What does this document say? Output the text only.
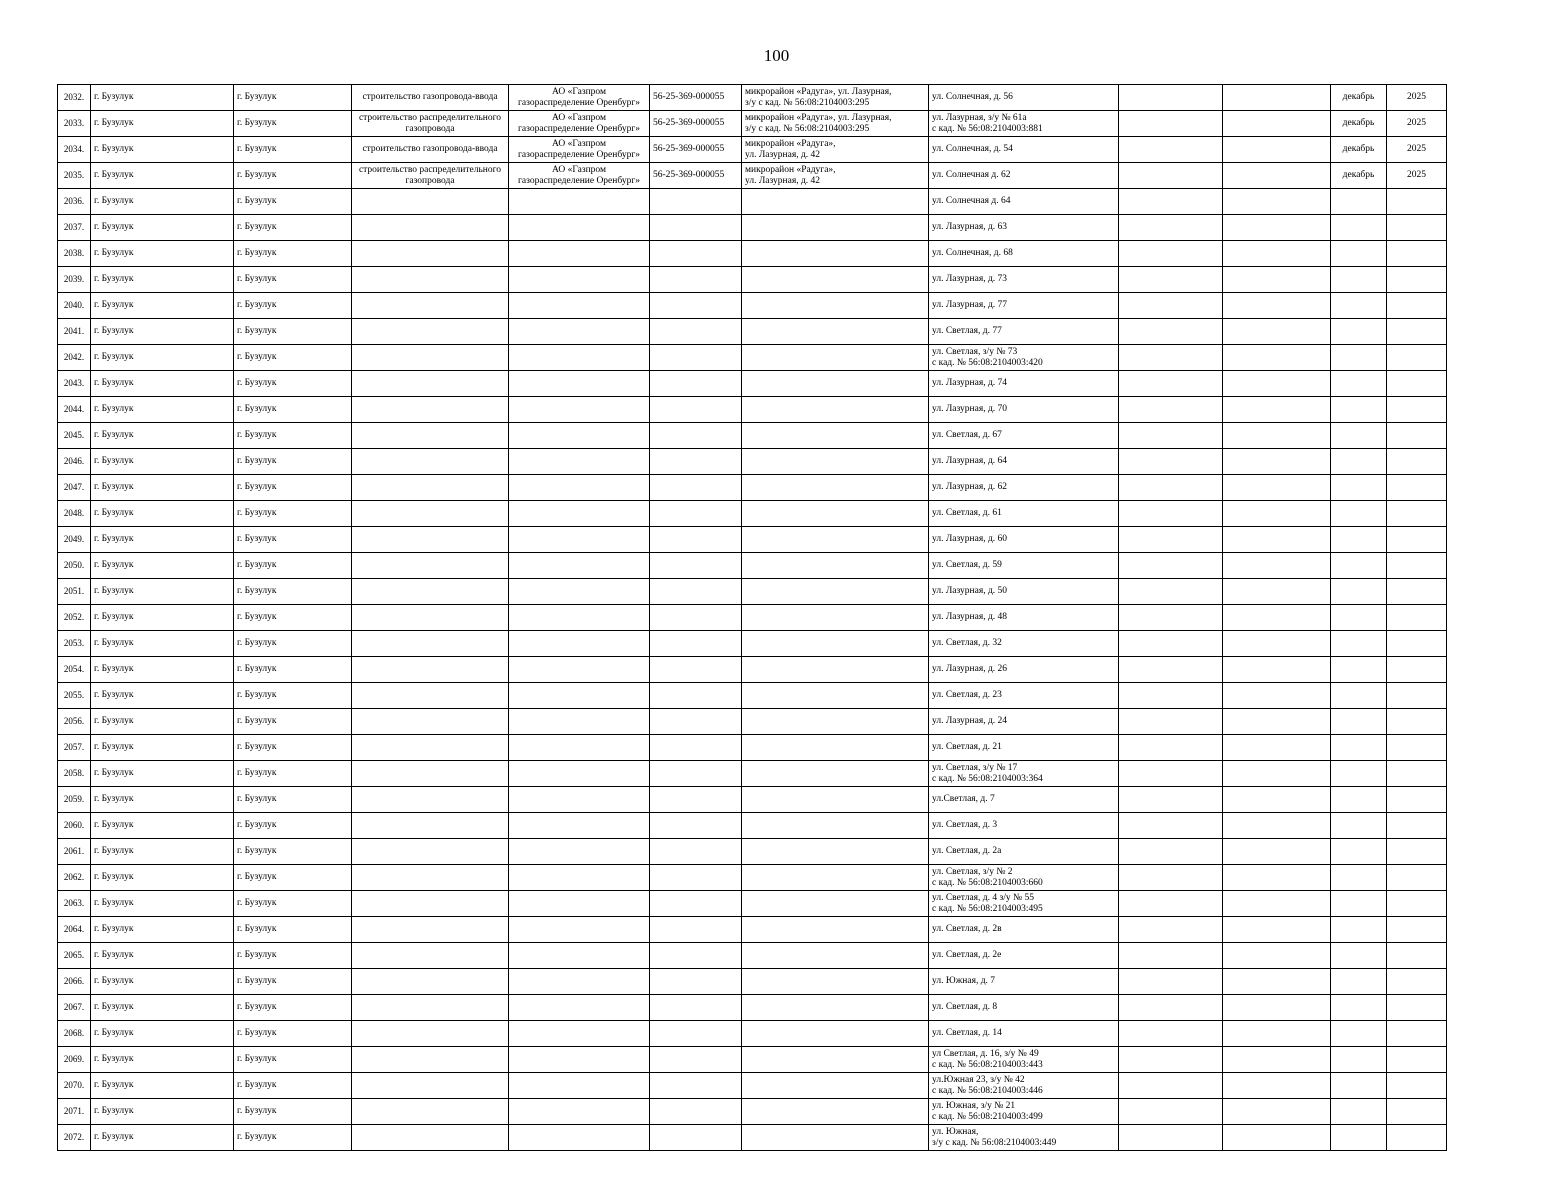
100
2032.	г. Бузулук	г. Бузулук	строительство газопровода-ввода	АО «Газпром
газораспределение Оренбург»	56-25-369-000055	микрорайон «Радуга», ул. Лазурная,
з/у с кад. № 56:08:2104003:295	ул. Солнечная, д. 56			декабрь	2025
2033.	г. Бузулук	г. Бузулук	строительство распределительного
газопровода	АО «Газпром
газораспределение Оренбург»	56-25-369-000055	микрорайон «Радуга», ул. Лазурная,
з/у с кад. № 56:08:2104003:295	ул. Лазурная, з/у № 61а
с кад. № 56:08:2104003:881			декабрь	2025
2034.	г. Бузулук	г. Бузулук	строительство газопровода-ввода	АО «Газпром
газораспределение Оренбург»	56-25-369-000055	микрорайон «Радуга»,
ул. Лазурная, д. 42	ул. Солнечная, д. 54			декабрь	2025
2035.	г. Бузулук	г. Бузулук	строительство распределительного
газопровода	АО «Газпром
газораспределение Оренбург»	56-25-369-000055	микрорайон «Радуга»,
ул. Лазурная, д. 42	ул. Солнечная д. 62			декабрь	2025
2036.	г. Бузулук	г. Бузулук					ул. Солнечная д. 64				

2037.	г. Бузулук	г. Бузулук					ул. Лазурная, д. 63				

2038.	г. Бузулук	г. Бузулук					ул. Солнечная, д. 68				

2039.	г. Бузулук	г. Бузулук					ул. Лазурная, д. 73				

2040.	г. Бузулук	г. Бузулук					ул. Лазурная, д. 77				

2041.	г. Бузулук	г. Бузулук					ул. Светлая, д. 77				

2042.	г. Бузулук	г. Бузулук					ул. Светлая, з/у № 73
с кад. № 56:08:2104003:420				

2043.	г. Бузулук	г. Бузулук					ул. Лазурная, д. 74				

2044.	г. Бузулук	г. Бузулук					ул. Лазурная, д. 70				

2045.	г. Бузулук	г. Бузулук					ул. Светлая, д. 67				

2046.	г. Бузулук	г. Бузулук					ул. Лазурная, д. 64				

2047.	г. Бузулук	г. Бузулук					ул. Лазурная, д. 62				

2048.	г. Бузулук	г. Бузулук					ул. Светлая, д. 61				

2049.	г. Бузулук	г. Бузулук					ул. Лазурная, д. 60				

2050.	г. Бузулук	г. Бузулук					ул. Светлая, д. 59				

2051.	г. Бузулук	г. Бузулук					ул. Лазурная, д. 50				

2052.	г. Бузулук	г. Бузулук					ул. Лазурная, д. 48				

2053.	г. Бузулук	г. Бузулук					ул. Светлая, д. 32				

2054.	г. Бузулук	г. Бузулук					ул. Лазурная, д. 26				

2055.	г. Бузулук	г. Бузулук					ул. Светлая, д. 23				

2056.	г. Бузулук	г. Бузулук					ул. Лазурная, д. 24				

2057.	г. Бузулук	г. Бузулук					ул. Светлая, д. 21				

2058.	г. Бузулук	г. Бузулук					ул. Светлая, з/у № 17
с кад. № 56:08:2104003:364				

2059.	г. Бузулук	г. Бузулук					ул.Светлая, д. 7				

2060.	г. Бузулук	г. Бузулук					ул. Светлая, д. 3				

2061.	г. Бузулук	г. Бузулук					ул. Светлая, д. 2а				

2062.	г. Бузулук	г. Бузулук					ул. Светлая, з/у № 2
с кад. № 56:08:2104003:660				

2063.	г. Бузулук	г. Бузулук					ул. Светлая, д. 4 з/у № 55
с кад. № 56:08:2104003:495				

2064.	г. Бузулук	г. Бузулук					ул. Светлая, д. 2в				

2065.	г. Бузулук	г. Бузулук					ул. Светлая, д. 2е				

2066.	г. Бузулук	г. Бузулук					ул. Южная, д. 7				

2067.	г. Бузулук	г. Бузулук					ул. Светлая, д. 8				

2068.	г. Бузулук	г. Бузулук					ул. Светлая, д. 14				

2069.	г. Бузулук	г. Бузулук					ул Светлая, д. 16, з/у № 49
с кад. № 56:08:2104003:443				

2070.	г. Бузулук	г. Бузулук					ул.Южная 23, з/у № 42
с кад. № 56:08:2104003:446				

2071.	г. Бузулук	г. Бузулук					ул. Южная, з/у № 21
с кад. № 56:08:2104003:499				

2072.	г. Бузулук	г. Бузулук					ул. Южная,
з/у с кад. № 56:08:2104003:449				
